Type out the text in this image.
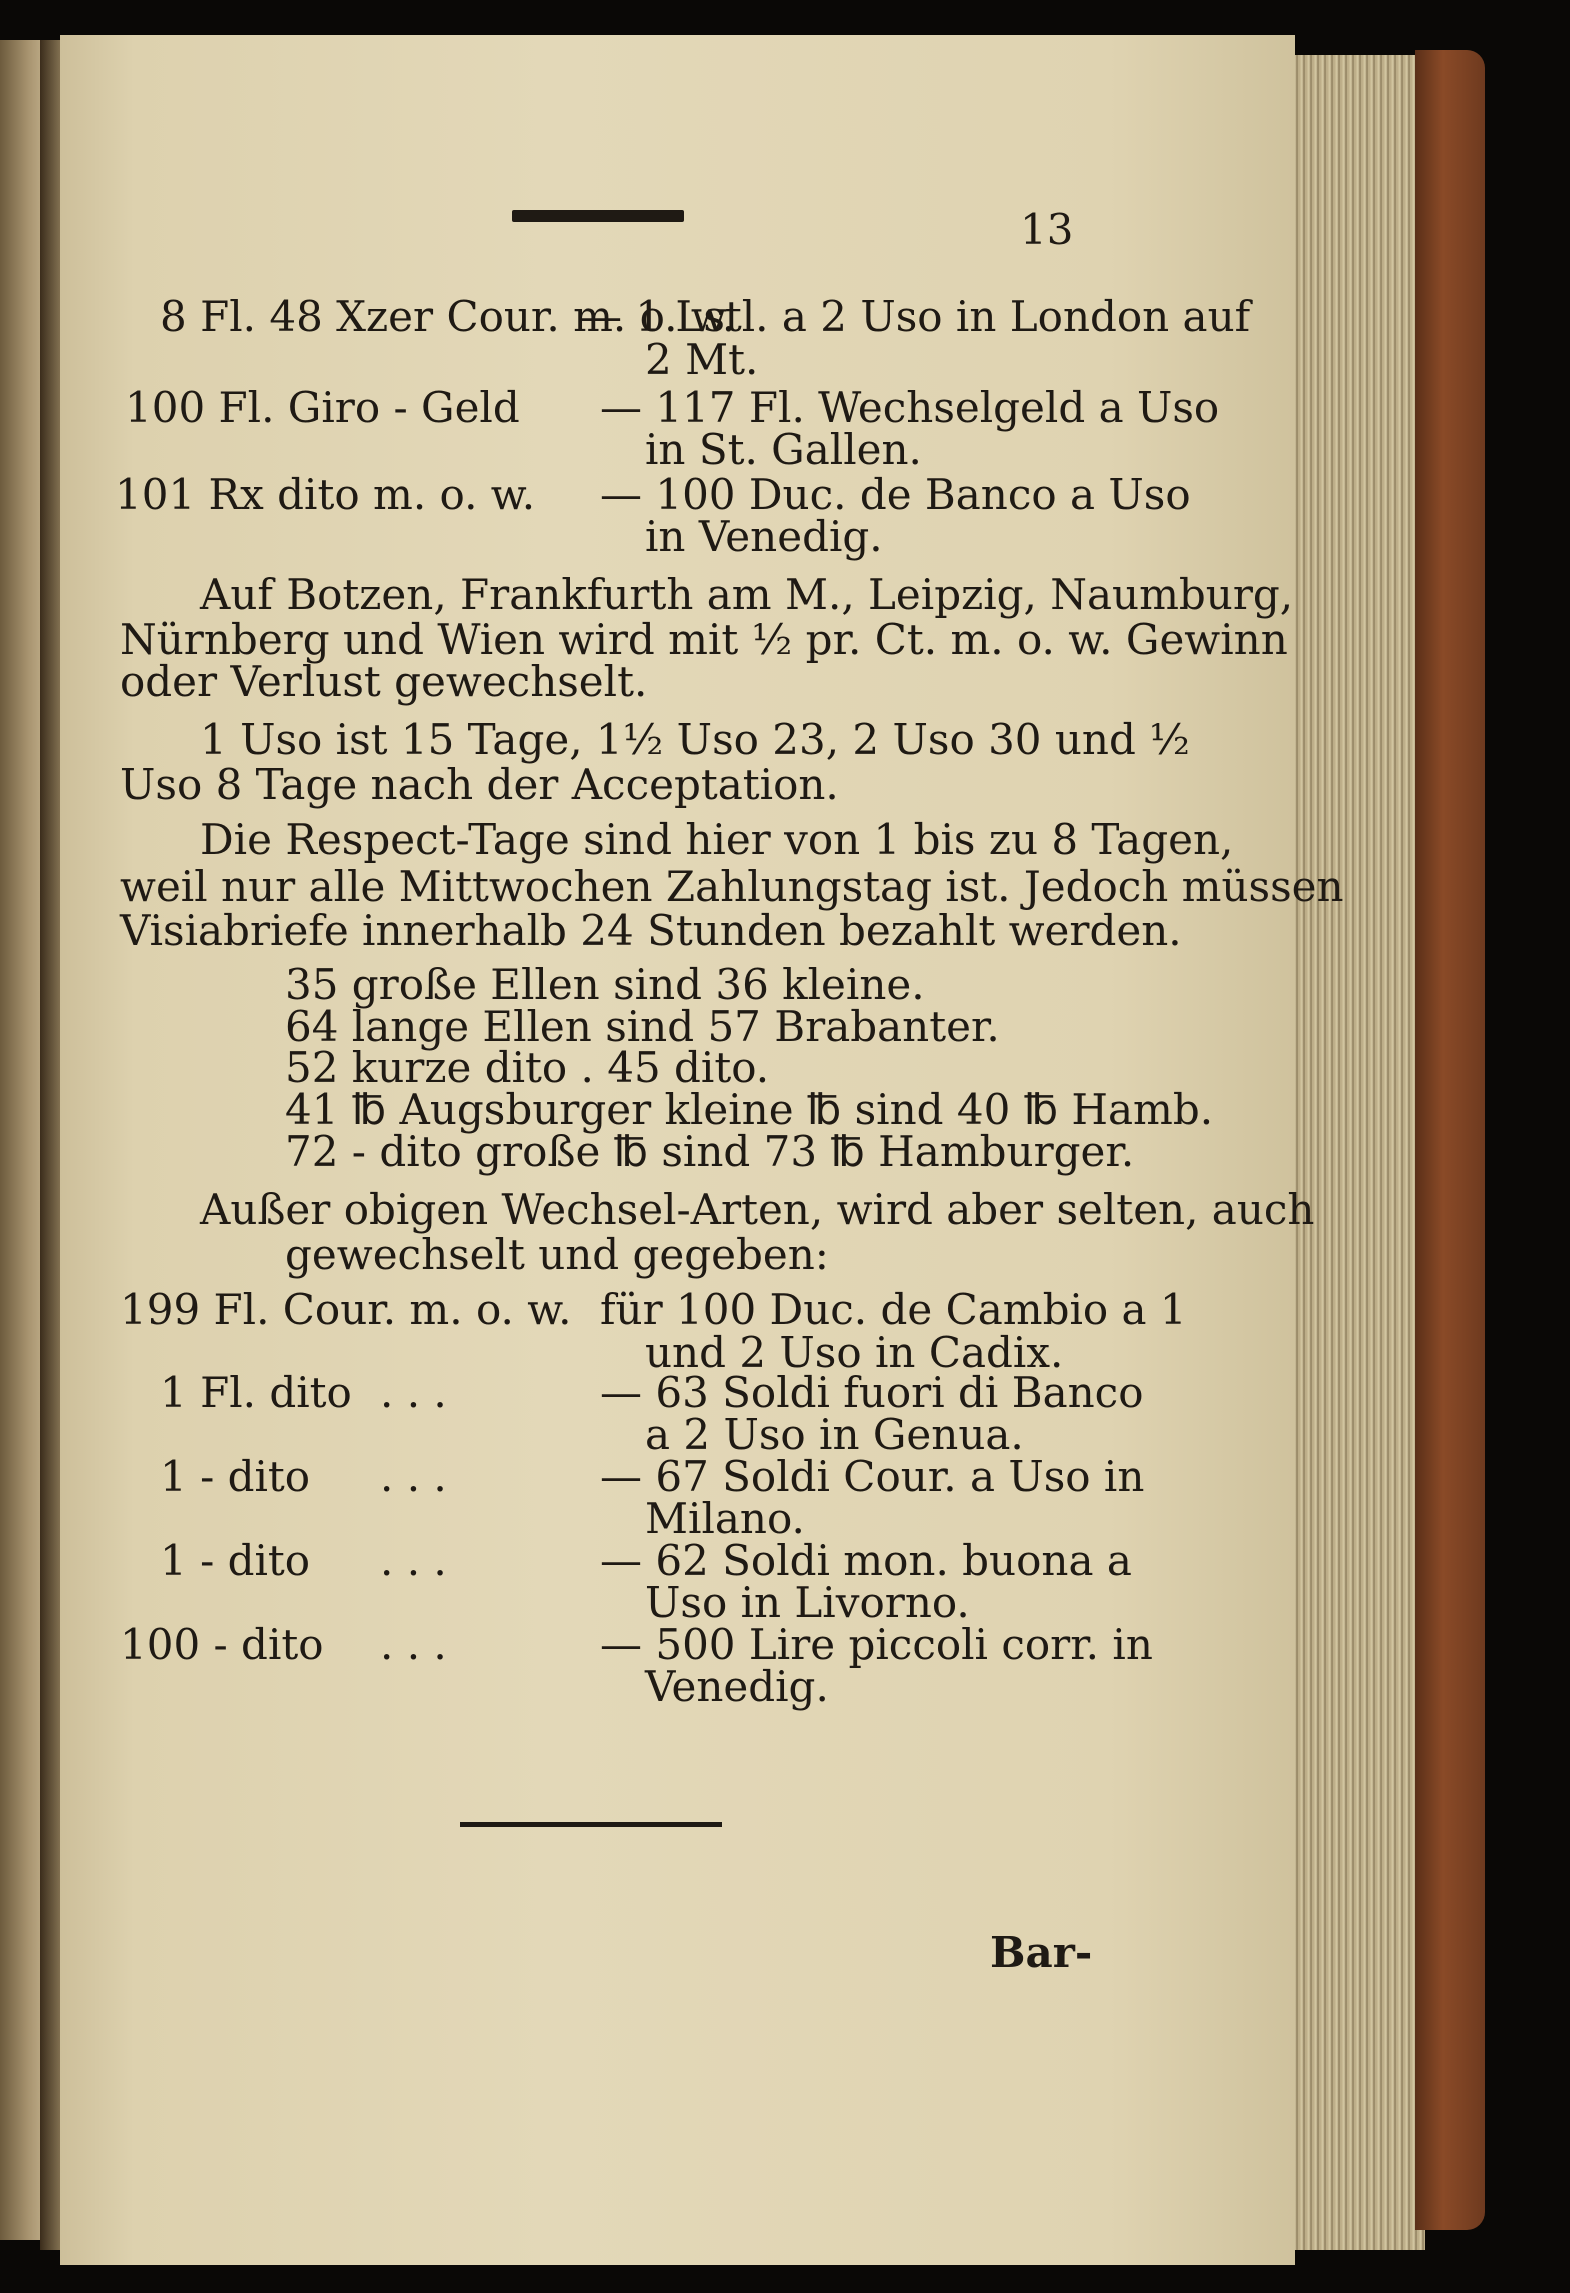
13
8 Fl. 48 Xzer Cour. m. o. w.
— 1 Lstl. a 2 Uso in London auf
2 Mt.
100 Fl. Giro - Geld — 117 Fl. Wechselgeld a Uso
in St. Gallen.
101 Rx dito m. o. w. — 100 Duc. de Banco a Uso
in Venedig.
Auf Botzen, Frankfurth am M., Leipzig, Naumburg,
Nürnberg und Wien wird mit ½ pr. Ct. m. o. w. Gewinn
oder Verlust gewechselt.
1 Uso ist 15 Tage, 1½ Uso 23, 2 Uso 30 und ½
Uso 8 Tage nach der Acceptation.
Die Respect-Tage sind hier von 1 bis zu 8 Tagen,
weil nur alle Mittwochen Zahlungstag ist. Jedoch müssen
Visiabriefe innerhalb 24 Stunden bezahlt werden.
35 große Ellen sind 36 kleine.
64 lange Ellen sind 57 Brabanter.
52 kurze dito . 45 dito.
41 ℔ Augsburger kleine ℔ sind 40 ℔ Hamb.
72 - dito große ℔ sind 73 ℔ Hamburger.
Außer obigen Wechsel-Arten, wird aber selten, auch
gewechselt und gegeben:
199 Fl. Cour. m. o. w. für 100 Duc. de Cambio a 1
und 2 Uso in Cadix.
1 Fl. dito . . .	— 63 Soldi fuori di Banco
a 2 Uso in Genua.
1 - dito . . .	— 67 Soldi Cour. a Uso in
Milano.
1 - dito . . .	— 62 Soldi mon. buona a
Uso in Livorno.
100 - dito . . .	— 500 Lire piccoli corr. in
Venedig.
Bar-
